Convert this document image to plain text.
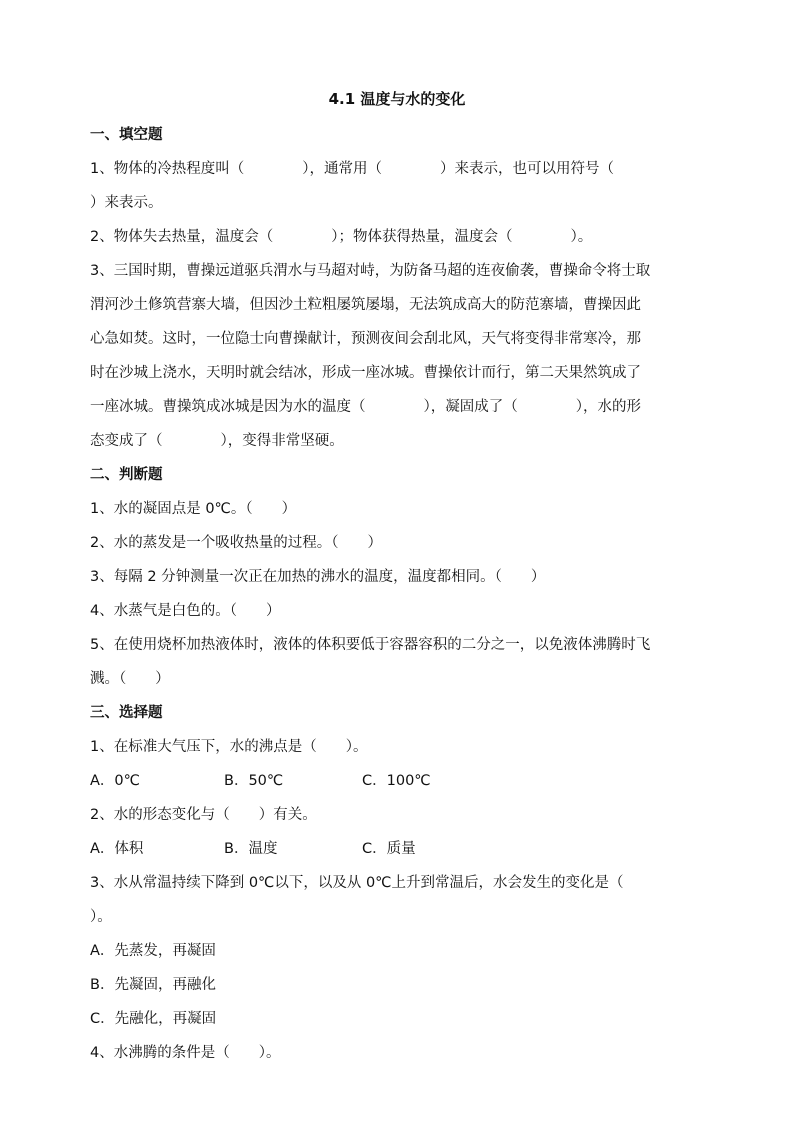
4.1 温度与水的变化
一、填空题
1、物体的冷热程度叫（　　　　），通常用（　　　　）来表示，也可以用符号（
）来表示。
2、物体失去热量，温度会（　　　　）；物体获得热量，温度会（　　　　）。
3、三国时期，曹操远道驱兵渭水与马超对峙，为防备马超的连夜偷袭，曹操命令将士取
渭河沙土修筑营寨大墙，但因沙土粒粗屡筑屡塌，无法筑成高大的防范寨墙，曹操因此
心急如焚。这时，一位隐士向曹操献计，预测夜间会刮北风，天气将变得非常寒冷，那
时在沙城上浇水，天明时就会结冰，形成一座冰城。曹操依计而行，第二天果然筑成了
一座冰城。曹操筑成冰城是因为水的温度（　　　　），凝固成了（　　　　），水的形
态变成了（　　　　），变得非常坚硬。
二、判断题
1、水的凝固点是 0℃。（　　）
2、水的蒸发是一个吸收热量的过程。（　　）
3、每隔 2 分钟测量一次正在加热的沸水的温度，温度都相同。（　　）
4、水蒸气是白色的。（　　）
5、在使用烧杯加热液体时，液体的体积要低于容器容积的二分之一，以免液体沸腾时飞
溅。（　　）
三、选择题
1、在标准大气压下，水的沸点是（　　）。
A．0℃	B．50℃	C．100℃
2、水的形态变化与（　　）有关。
A．体积	B．温度	C．质量
3、水从常温持续下降到 0℃以下，以及从 0℃上升到常温后，水会发生的变化是（
）。
A．先蒸发，再凝固
B．先凝固，再融化
C．先融化，再凝固
4、水沸腾的条件是（　　）。
